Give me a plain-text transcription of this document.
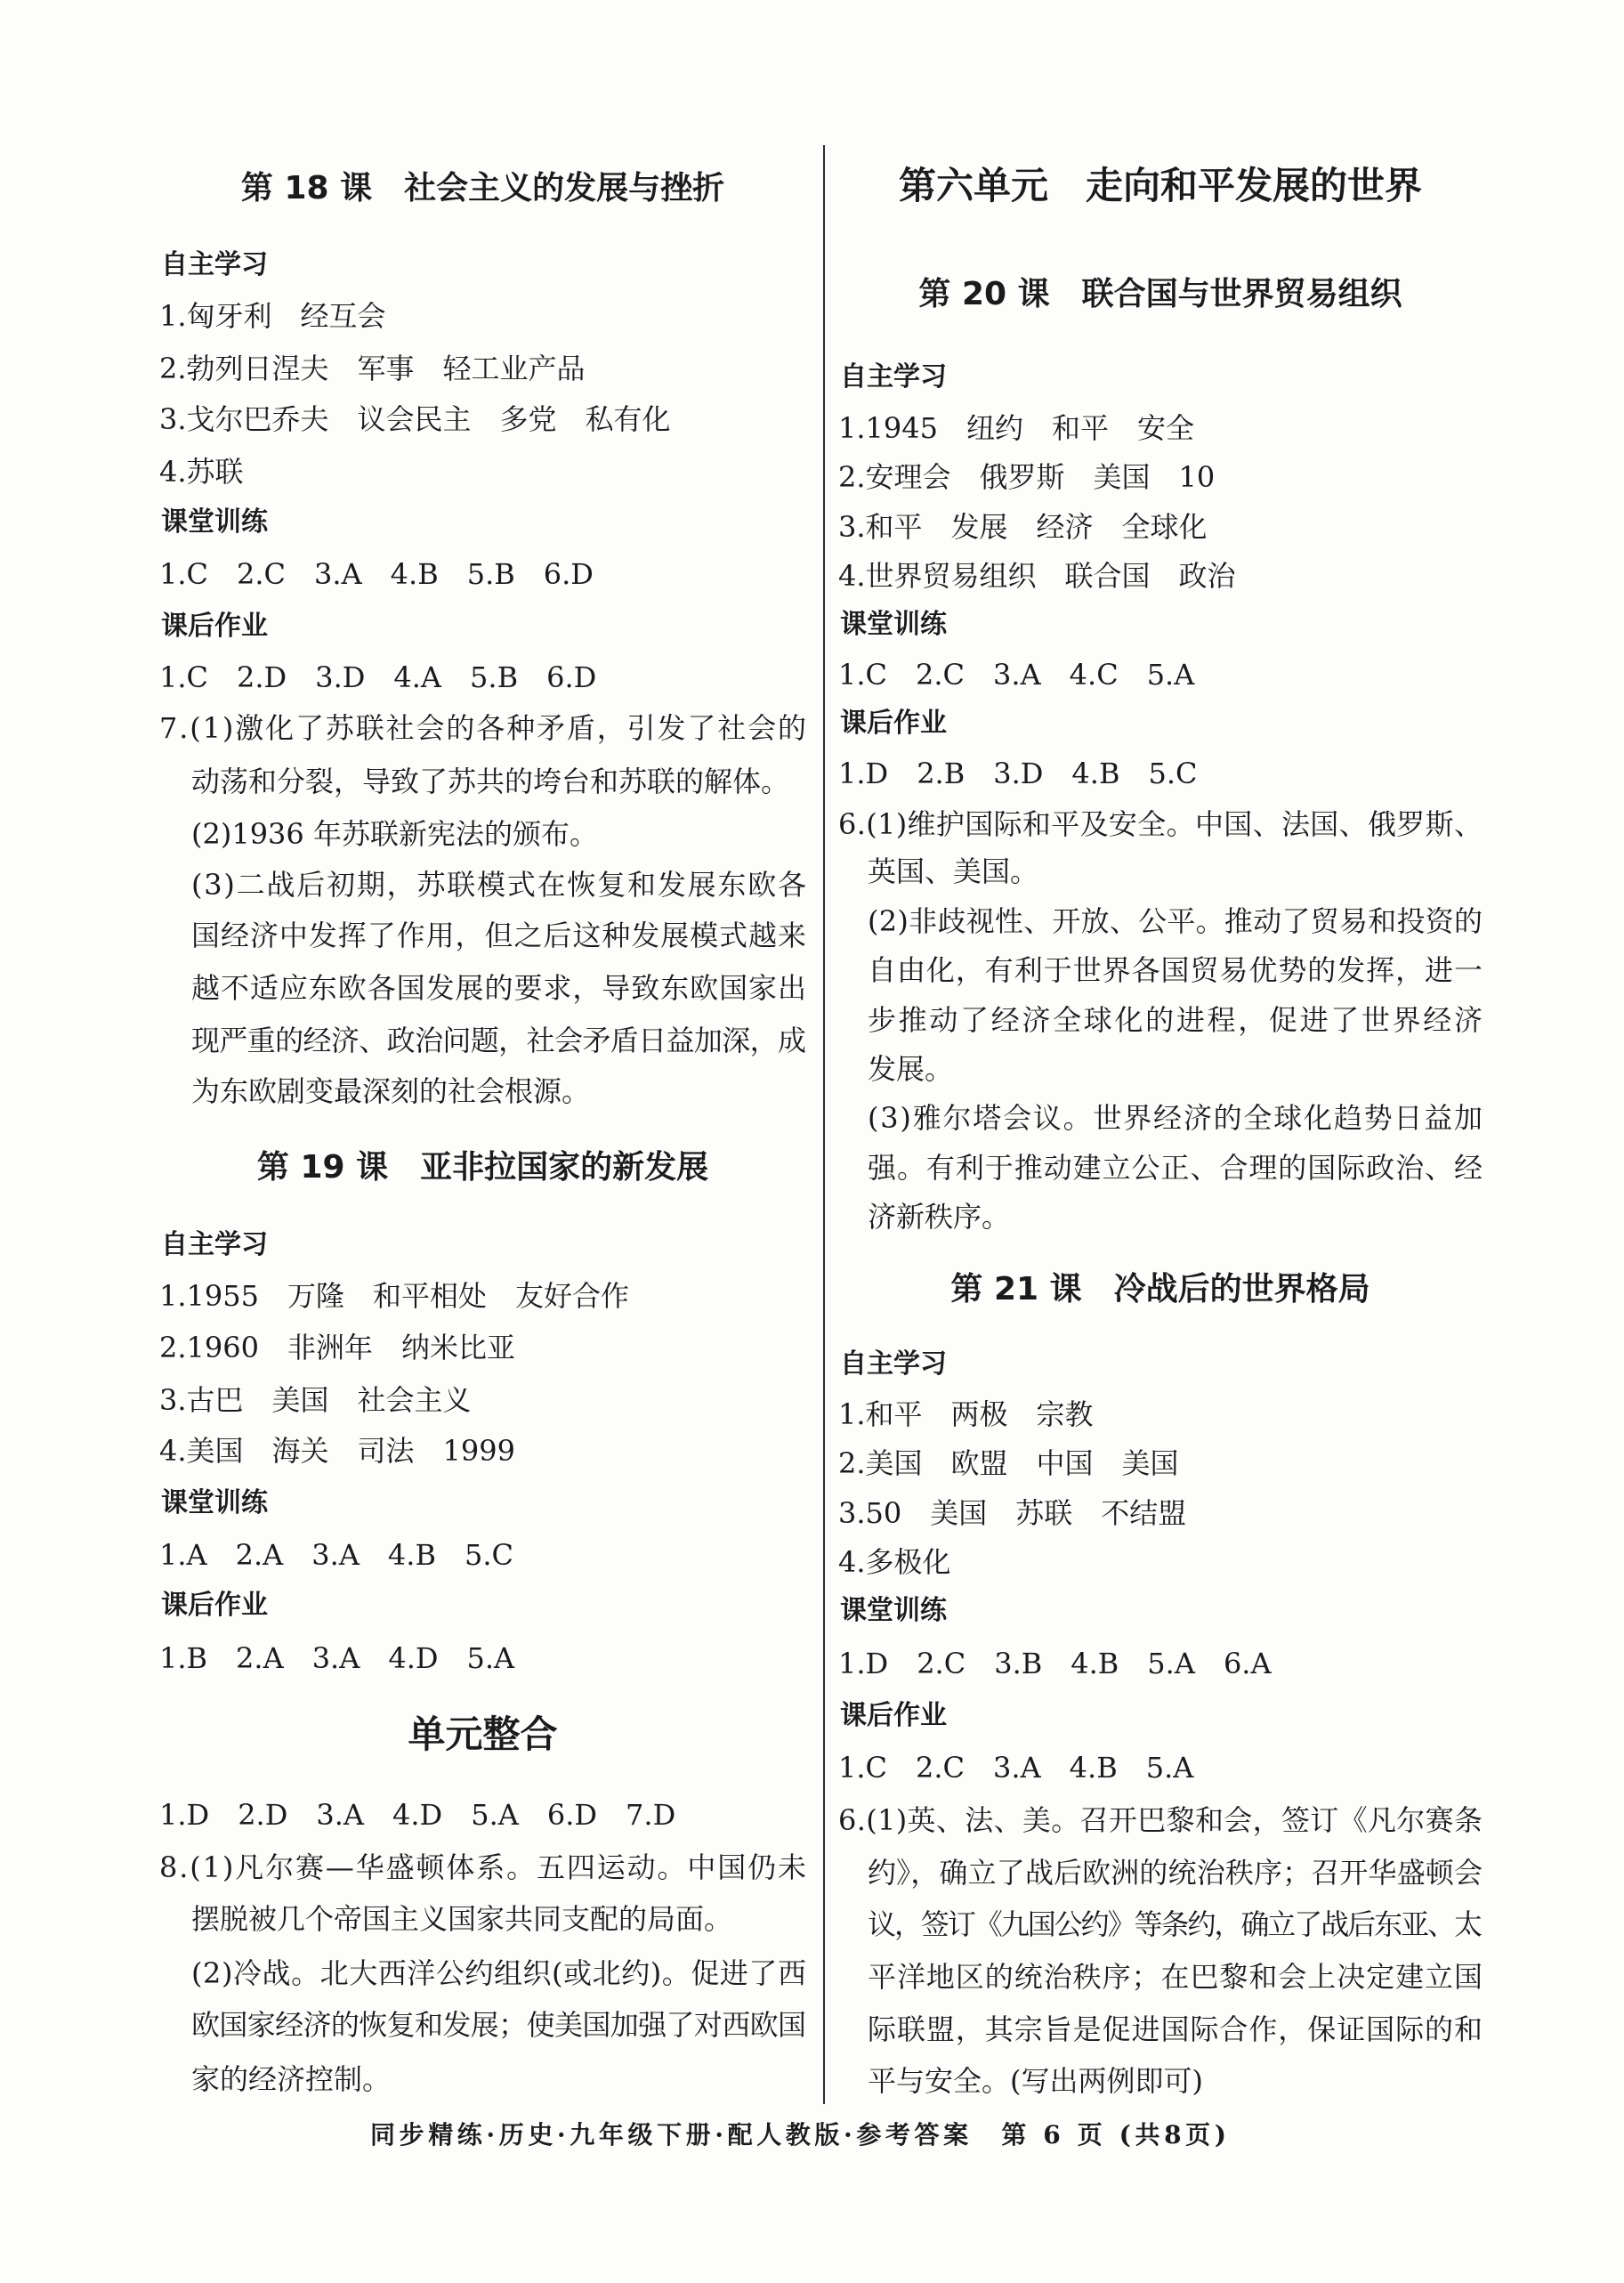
第 18 课　社会主义的发展与挫折
自主学习
1.匈牙利　经互会
2.勃列日涅夫　军事　轻工业产品
3.戈尔巴乔夫　议会民主　多党　私有化
4.苏联
课堂训练
1.C　2.C　3.A　4.B　5.B　6.D
课后作业
1.C　2.D　3.D　4.A　5.B　6.D
7.(1)激化了苏联社会的各种矛盾，引发了社会的
动荡和分裂，导致了苏共的垮台和苏联的解体。
(2)1936 年苏联新宪法的颁布。
(3)二战后初期，苏联模式在恢复和发展东欧各
国经济中发挥了作用，但之后这种发展模式越来
越不适应东欧各国发展的要求，导致东欧国家出
现严重的经济、政治问题，社会矛盾日益加深，成
为东欧剧变最深刻的社会根源。
第 19 课　亚非拉国家的新发展
自主学习
1.1955　万隆　和平相处　友好合作
2.1960　非洲年　纳米比亚
3.古巴　美国　社会主义
4.美国　海关　司法　1999
课堂训练
1.A　2.A　3.A　4.B　5.C
课后作业
1.B　2.A　3.A　4.D　5.A
单元整合
1.D　2.D　3.A　4.D　5.A　6.D　7.D
8.(1)凡尔赛—华盛顿体系。五四运动。中国仍未
摆脱被几个帝国主义国家共同支配的局面。
(2)冷战。北大西洋公约组织(或北约)。促进了西
欧国家经济的恢复和发展；使美国加强了对西欧国
家的经济控制。
第六单元　走向和平发展的世界
第 20 课　联合国与世界贸易组织
自主学习
1.1945　纽约　和平　安全
2.安理会　俄罗斯　美国　10
3.和平　发展　经济　全球化
4.世界贸易组织　联合国　政治
课堂训练
1.C　2.C　3.A　4.C　5.A
课后作业
1.D　2.B　3.D　4.B　5.C
6.(1)维护国际和平及安全。中国、法国、俄罗斯、
英国、美国。
(2)非歧视性、开放、公平。推动了贸易和投资的
自由化，有利于世界各国贸易优势的发挥，进一
步推动了经济全球化的进程，促进了世界经济
发展。
(3)雅尔塔会议。世界经济的全球化趋势日益加
强。有利于推动建立公正、合理的国际政治、经
济新秩序。
第 21 课　冷战后的世界格局
自主学习
1.和平　两极　宗教
2.美国　欧盟　中国　美国
3.50　美国　苏联　不结盟
4.多极化
课堂训练
1.D　2.C　3.B　4.B　5.A　6.A
课后作业
1.C　2.C　3.A　4.B　5.A
6.(1)英、法、美。召开巴黎和会，签订《凡尔赛条
约》，确立了战后欧洲的统治秩序；召开华盛顿会
议，签订《九国公约》等条约，确立了战后东亚、太
平洋地区的统治秩序；在巴黎和会上决定建立国
际联盟，其宗旨是促进国际合作，保证国际的和
平与安全。(写出两例即可)
同步精练·历史·九年级下册·配人教版·参考答案　第 6 页 (共8页)
